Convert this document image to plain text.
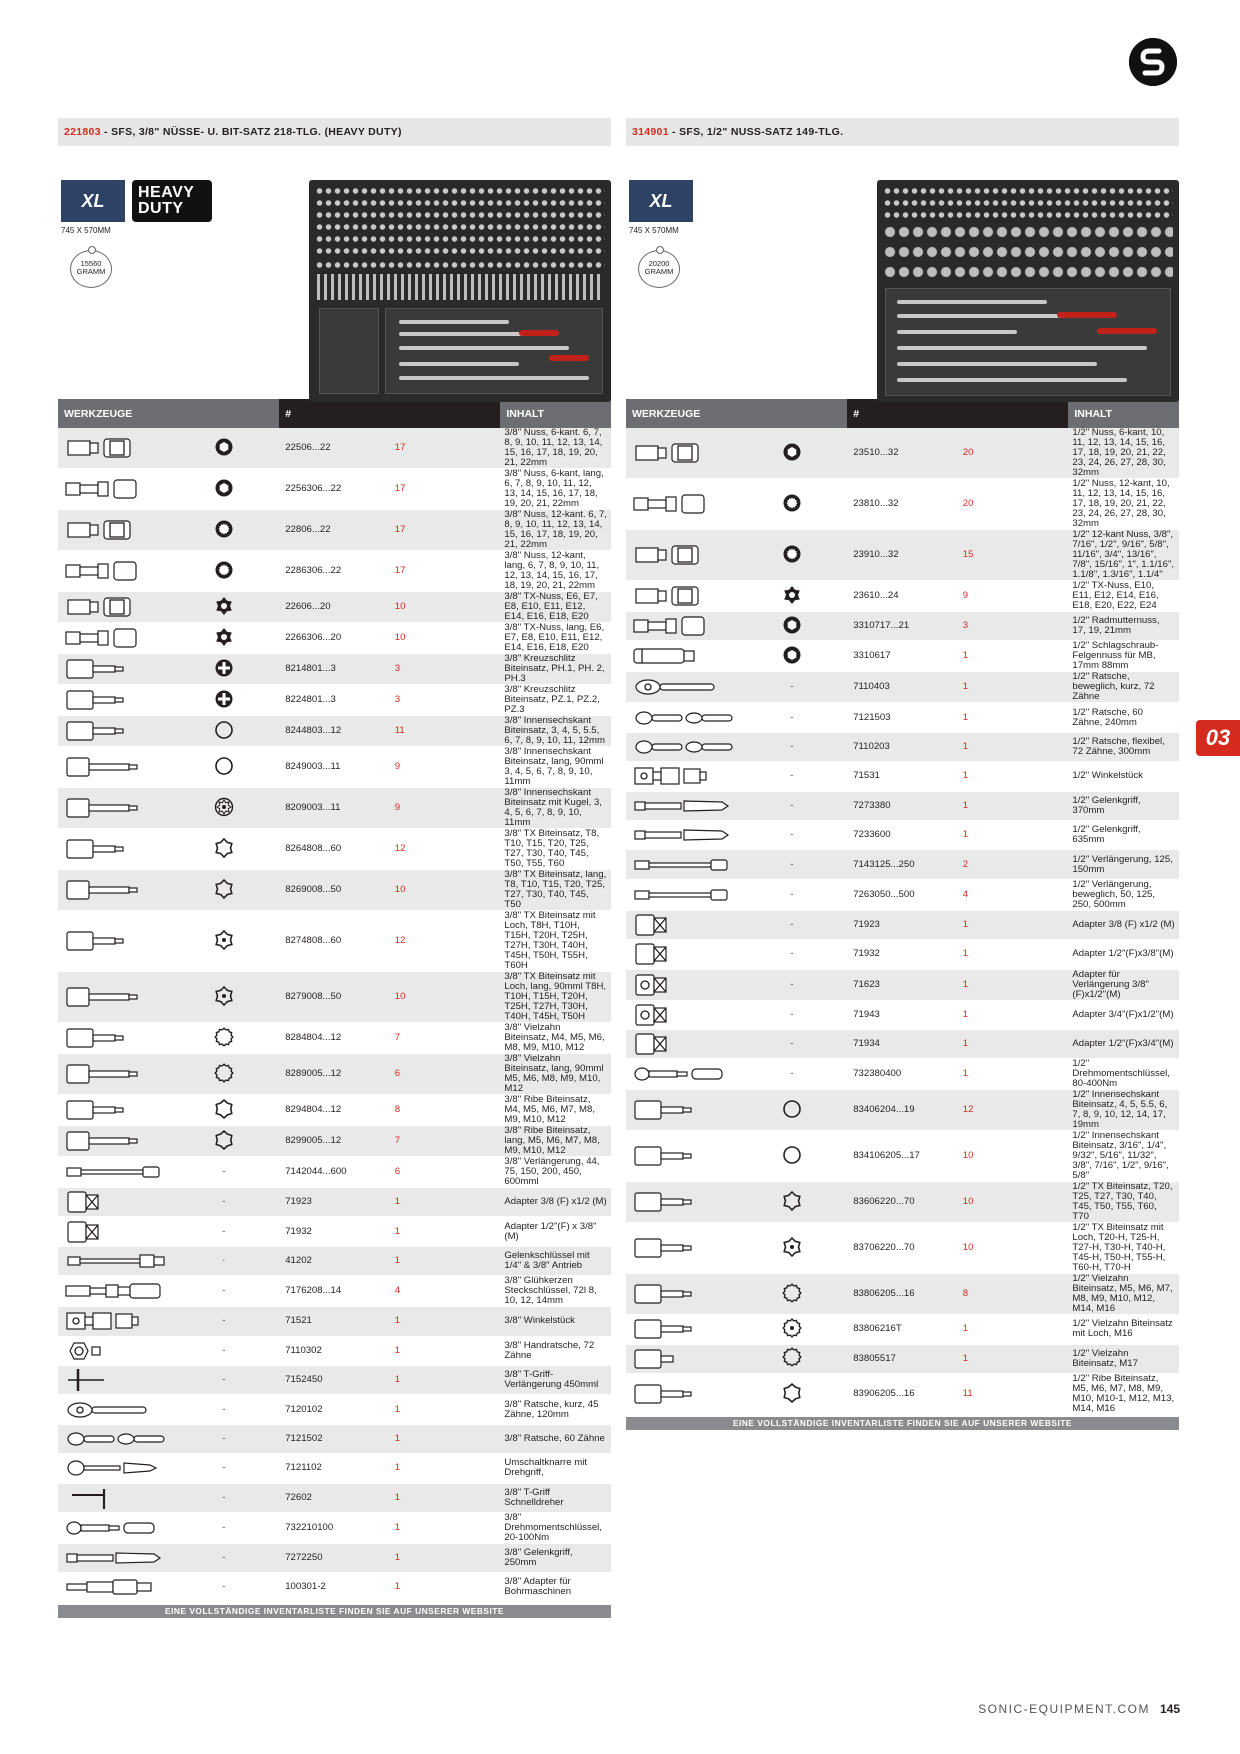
221803 - SFS, 3/8" NÜSSE- U. BIT-SATZ 218-TLG. (HEAVY DUTY)
XL	HEAVY DUTY
745 X 570MM
15560
GRAMM
WERKZEUGE		#		INHALT

		22506...22	17	3/8" Nuss, 6-kant. 6, 7, 8, 9, 10, 11, 12, 13, 14, 15, 16, 17, 18, 19, 20, 21, 22mm

		2256306...22	17	3/8" Nuss, 6-kant, lang, 6, 7, 8, 9, 10, 11, 12, 13, 14, 15, 16, 17, 18, 19, 20, 21, 22mm

		22806...22	17	3/8" Nuss, 12-kant. 6, 7, 8, 9, 10, 11, 12, 13, 14, 15, 16, 17, 18, 19, 20, 21, 22mm

		2286306...22	17	3/8" Nuss, 12-kant, lang, 6, 7, 8, 9, 10, 11, 12, 13, 14, 15, 16, 17, 18, 19, 20, 21, 22mm

		22606...20	10	3/8" TX-Nuss, E6, E7, E8, E10, E11, E12, E14, E16, E18, E20

		2266306...20	10	3/8" TX-Nuss, lang, E6, E7, E8, E10, E11, E12, E14, E16, E18, E20

		8214801...3	3	3/8" Kreuzschlitz Biteinsatz, PH.1, PH. 2, PH.3

		8224801...3	3	3/8" Kreuzschlitz Biteinsatz, PZ.1, PZ.2, PZ.3

		8244803...12	11	3/8" Innensechskant Biteinsatz, 3, 4, 5, 5.5, 6, 7, 8, 9, 10, 11, 12mm

		8249003...11	9	3/8" Innensechskant Biteinsatz, lang, 90mml 3, 4, 5, 6, 7, 8, 9, 10, 11mm

		8209003...11	9	3/8" Innensechskant Biteinsatz mit Kugel, 3, 4, 5, 6, 7, 8, 9, 10, 11mm

		8264808...60	12	3/8" TX Biteinsatz, T8, T10, T15, T20, T25, T27, T30, T40, T45, T50, T55, T60

		8269008...50	10	3/8" TX Biteinsatz, lang, T8, T10, T15, T20, T25, T27, T30, T40, T45, T50

		8274808...60	12	3/8" TX Biteinsatz mit Loch, T8H, T10H, T15H, T20H, T25H, T27H, T30H, T40H, T45H, T50H, T55H, T60H

		8279008...50	10	3/8" TX Biteinsatz mit Loch, lang, 90mml T8H, T10H, T15H, T20H, T25H, T27H, T30H, T40H, T45H, T50H

		8284804...12	7	3/8" Vielzahn Biteinsatz, M4, M5, M6, M8, M9, M10, M12

		8289005...12	6	3/8" Vielzahn Biteinsatz, lang, 90mml M5, M6, M8, M9, M10, M12

		8294804...12	8	3/8" Ribe Biteinsatz, M4, M5, M6, M7, M8, M9, M10, M12

		8299005...12	7	3/8" Ribe Biteinsatz, lang, M5, M6, M7, M8, M9, M10, M12

	-	7142044...600	6	3/8" Verlängerung, 44, 75, 150, 200, 450, 600mml

	-	71923	1	Adapter 3/8 (F) x1/2 (M)

	-	71932	1	Adapter 1/2"(F) x 3/8"(M)

	·	41202	1	Gelenkschlüssel mit 1/4" & 3/8" Antrieb

	-	7176208...14	4	3/8" Glühkerzen Steckschlüssel, 72l 8, 10, 12, 14mm

	-	71521	1	3/8" Winkelstück

	-	7110302	1	3/8" Handratsche, 72 Zähne

	-	7152450	1	3/8" T-Griff-Verlängerung 450mml

	-	7120102	1	3/8" Ratsche, kurz, 45 Zähne, 120mm

	-	7121502	1	3/8" Ratsche, 60 Zähne

	-	7121102	1	Umschaltknarre mit Drehgriff,

	-	72602	1	3/8" T-Griff Schnelldreher

	-	732210100	1	3/8" Drehmomentschlüssel, 20-100Nm

	-	7272250	1	3/8" Gelenkgriff, 250mm

	-	100301-2	1	3/8" Adapter für Bohrmaschinen
EINE VOLLSTÄNDIGE INVENTARLISTE FINDEN SIE AUF UNSERER WEBSITE
314901 - SFS, 1/2" NUSS-SATZ 149-TLG.
XL
745 X 570MM
20200
GRAMM
WERKZEUGE		#		INHALT

		23510...32	20	1/2" Nuss, 6-kant, 10, 11, 12, 13, 14, 15, 16, 17, 18, 19, 20, 21, 22, 23, 24, 26, 27, 28, 30, 32mm

		23810...32	20	1/2" Nuss, 12-kant, 10, 11, 12, 13, 14, 15, 16, 17, 18, 19, 20, 21, 22, 23, 24, 26, 27, 28, 30, 32mm

		23910...32	15	1/2" 12-kant Nuss, 3/8", 7/16", 1/2", 9/16", 5/8", 11/16", 3/4", 13/16", 7/8", 15/16", 1", 1.1/16", 1.1/8", 1.3/16", 1.1/4"

		23610...24	9	1/2" TX-Nuss, E10, E11, E12, E14, E16, E18, E20, E22, E24

		3310717...21	3	1/2" Radmutternuss, 17, 19, 21mm

		3310617	1	1/2" Schlagschraub-Felgennuss für MB, 17mm 88mm

	-	7110403	1	1/2" Ratsche, beweglich, kurz, 72 Zähne

	-	7121503	1	1/2" Ratsche, 60 Zähne, 240mm

	-	7110203	1	1/2" Ratsche, flexibel, 72 Zähne, 300mm

	-	71531	1	1/2" Winkelstück

	-	7273380	1	1/2" Gelenkgriff, 370mm

	-	7233600	1	1/2" Gelenkgriff, 635mm

	-	7143125...250	2	1/2" Verlängerung, 125, 150mm

	-	7263050...500	4	1/2" Verlängerung, beweglich, 50, 125, 250, 500mm

	-	71923	1	Adapter 3/8 (F) x1/2 (M)

	-	71932	1	Adapter 1/2"(F)x3/8"(M)

	-	71623	1	Adapter für Verlängerung 3/8"(F)x1/2"(M)

	-	71943	1	Adapter 3/4"(F)x1/2"(M)

	-	71934	1	Adapter 1/2"(F)x3/4"(M)

	-	732380400	1	1/2" Drehmomentschlüssel, 80-400Nm

		83406204...19	12	1/2" Innensechskant Biteinsatz, 4, 5, 5.5, 6, 7, 8, 9, 10, 12, 14, 17, 19mm

		834106205...17	10	1/2" Innensechskant Biteinsatz, 3/16", 1/4", 9/32", 5/16", 11/32", 3/8", 7/16", 1/2", 9/16", 5/8"

		83606220...70	10	1/2" TX Biteinsatz, T20, T25, T27, T30, T40, T45, T50, T55, T60, T70

		83706220...70	10	1/2" TX Biteinsatz mit Loch, T20-H, T25-H, T27-H, T30-H, T40-H, T45-H, T50-H, T55-H, T60-H, T70-H

		83806205...16	8	1/2" Vielzahn Biteinsatz, M5, M6, M7, M8, M9, M10, M12, M14, M16

		83806216T	1	1/2" Vielzahn Biteinsatz mit Loch, M16

		83805517	1	1/2" Vielzahn Biteinsatz, M17

		83906205...16	11	1/2" Ribe Biteinsatz, M5, M6, M7, M8, M9, M10, M10-1, M12, M13, M14, M16
EINE VOLLSTÄNDIGE INVENTARLISTE FINDEN SIE AUF UNSERER WEBSITE
03
SONIC-EQUIPMENT.COM 145
